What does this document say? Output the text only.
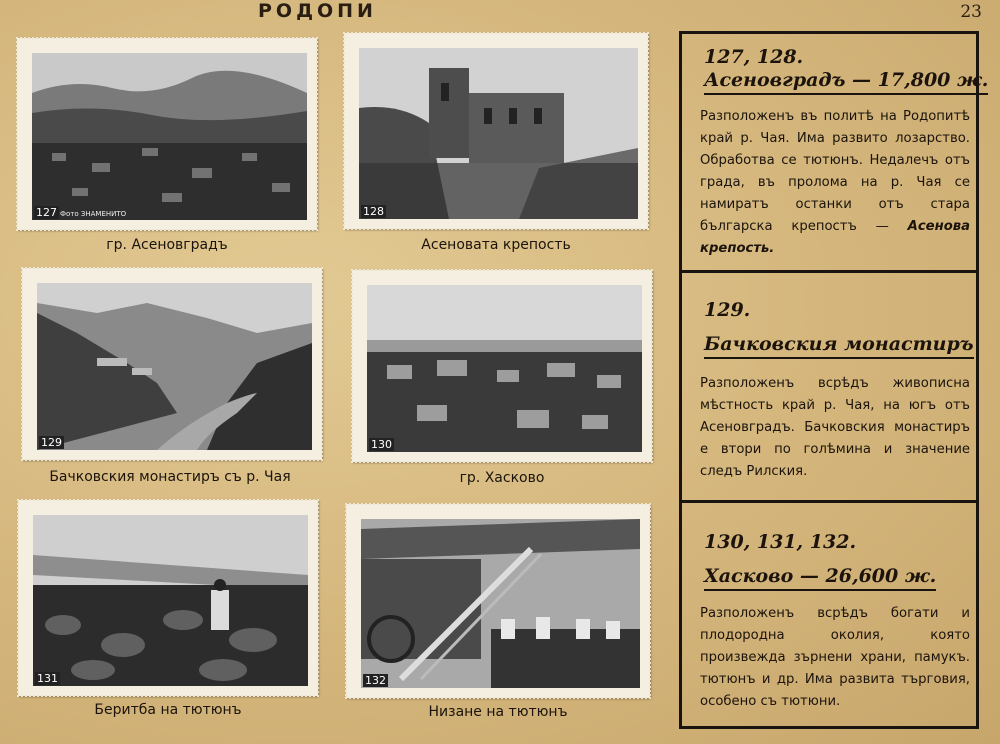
РОДОПИ	23
127 Фото ЗНАМЕНИТО
гр. Асеновградъ
128
Асеновата крепость
129
Бачковския монастиръ съ р. Чая
130
гр. Хасково
131
Беритба на тютюнъ
132
Низане на тютюнъ
127, 128.
Асеновградъ — 17,800 ж.
Разположенъ въ политѣ на Родопитѣ край р. Чая. Има развито лозарство. Обработва се тютюнъ. Недалечъ отъ града, въ пролома на р. Чая се намиратъ останки отъ стара българска крепостъ — Асенова крепость.
129.
Бачковския монастиръ
Разположенъ всрѣдъ живописна мѣстность край р. Чая, на югъ отъ Асеновградъ. Бачковския монастиръ е втори по голѣмина и значение следъ Рилския.
130, 131, 132.
Хасково — 26,600 ж.
Разположенъ всрѣдъ богати и плодородна околия, която произвежда зърнени храни, памукъ. тютюнъ и др. Има развита търговия, особено съ тютюни.
